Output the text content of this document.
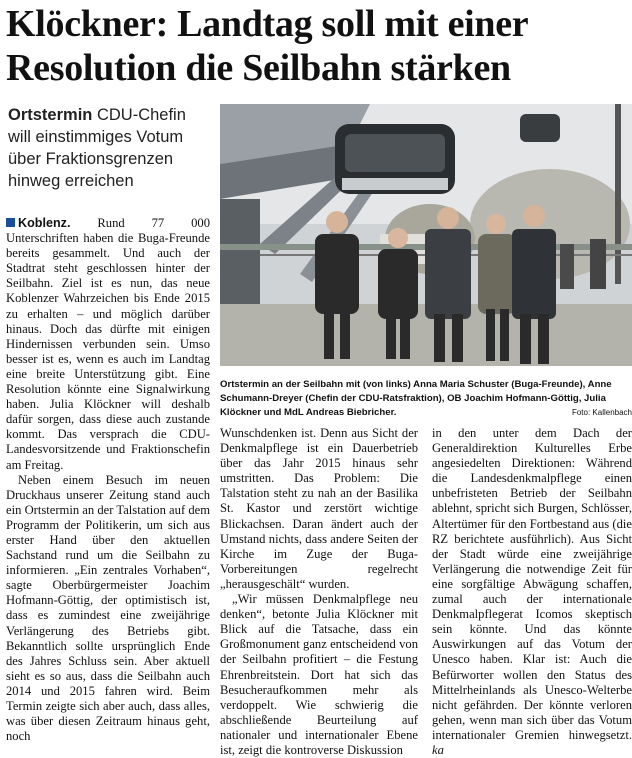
Klöckner: Landtag soll mit einer
Resolution die Seilbahn stärken
Ortstermin CDU-Chefin will einstimmiges Votum über Fraktionsgrenzen hinweg erreichen
Ortstermin an der Seilbahn mit (von links) Anna Maria Schuster (Buga-Freunde), Anne Schumann-Dreyer (Chefin der CDU-Ratsfraktion), OB Joachim Hofmann-Göttig, Julia Klöckner und MdL Andreas Biebricher.	Foto: Kallenbach

Koblenz. Rund 77 000 Unterschriften haben die Buga-Freunde bereits gesammelt. Und auch der Stadtrat steht geschlossen hinter der Seilbahn. Ziel ist es nun, das neue Koblenzer Wahrzeichen bis Ende 2015 zu erhalten – und möglich darüber hinaus. Doch das dürfte mit einigen Hindernissen verbunden sein. Umso besser ist es, wenn es auch im Landtag eine breite Unterstützung gibt. Eine Resolution könnte eine Signalwirkung haben. Julia Klöckner will deshalb dafür sorgen, dass diese auch zustande kommt. Das versprach die CDU-Landesvorsitzende und Fraktionschefin am Freitag.

Neben einem Besuch im neuen Druckhaus unserer Zeitung stand auch ein Ortstermin an der Talstation auf dem Programm der Politikerin, um sich aus erster Hand über den aktuellen Sachstand rund um die Seilbahn zu informieren. „Ein zentrales Vorhaben“, sagte Oberbürgermeister Joachim Hofmann-Göttig, der optimistisch ist, dass es zumindest eine zweijährige Verlängerung des Betriebs gibt. Bekanntlich sollte ursprünglich Ende des Jahres Schluss sein. Aber aktuell sieht es so aus, dass die Seilbahn auch 2014 und 2015 fahren wird. Beim Termin zeigte sich aber auch, dass alles, was über diesen Zeitraum hinaus geht, noch

Wunschdenken ist. Denn aus Sicht der Denkmalpflege ist ein Dauerbetrieb über das Jahr 2015 hinaus sehr umstritten. Das Problem: Die Talstation steht zu nah an der Basilika St. Kastor und zerstört wichtige Blickachsen. Daran ändert auch der Umstand nichts, dass andere Seiten der Kirche im Zuge der Buga-Vorbereitungen regelrecht „herausgeschält“ wurden.

„Wir müssen Denkmalpflege neu denken“, betonte Julia Klöckner mit Blick auf die Tatsache, dass ein Großmonument ganz entscheidend von der Seilbahn profitiert – die Festung Ehrenbreitstein. Dort hat sich das Besucheraufkommen mehr als verdoppelt. Wie schwierig die abschließende Beurteilung auf nationaler und internationaler Ebene ist, zeigt die kontroverse Diskussion

in den unter dem Dach der Generaldirektion Kulturelles Erbe angesiedelten Direktionen: Während die Landesdenkmalpflege einen unbefristeten Betrieb der Seilbahn ablehnt, spricht sich Burgen, Schlösser, Altertümer für den Fortbestand aus (die RZ berichtete ausführlich). Aus Sicht der Stadt würde eine zweijährige Verlängerung die notwendige Zeit für eine sorgfältige Abwägung schaffen, zumal auch der internationale Denkmalpflegerat Icomos skeptisch sein könnte. Und das könnte Auswirkungen auf das Votum der Unesco haben. Klar ist: Auch die Befürworter wollen den Status des Mittelrheinlands als Unesco-Welterbe nicht gefährden. Der könnte verloren gehen, wenn man sich über das Votum internationaler Gremien hinwegsetzt. ka
